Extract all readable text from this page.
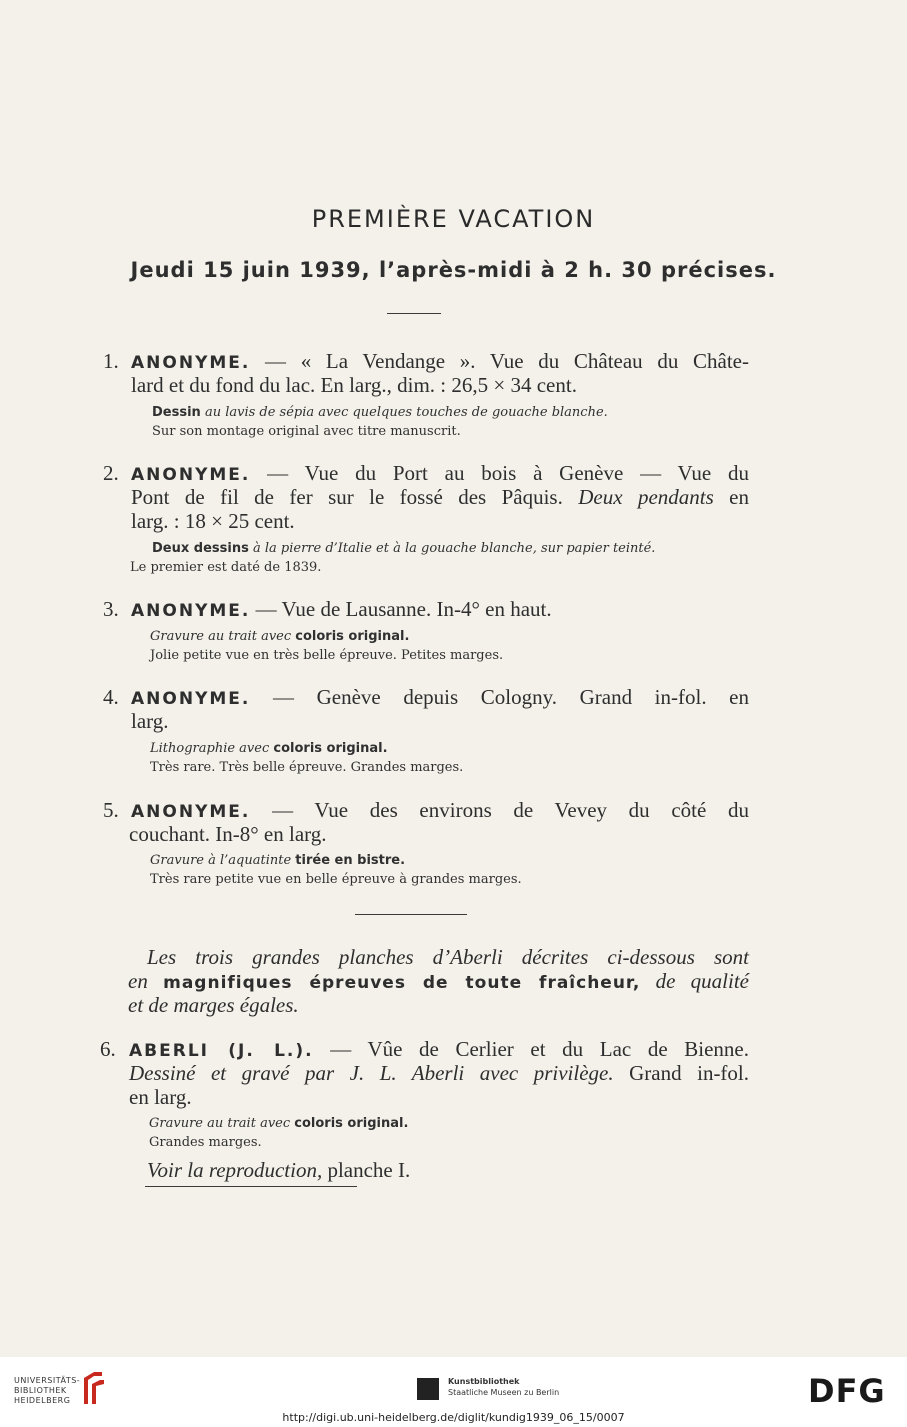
PREMIÈRE VACATION
Jeudi 15 juin 1939, l’après-midi à 2 h. 30 précises.
1. ANONYME. — « La Vendange ». Vue du Château du Châte-
lard et du fond du lac. En larg., dim. : 26,5 × 34 cent.
Dessin au lavis de sépia avec quelques touches de gouache blanche.
Sur son montage original avec titre manuscrit.
2. ANONYME. — Vue du Port au bois à Genève — Vue du
Pont de fil de fer sur le fossé des Pâquis. Deux pendants en
larg. : 18 × 25 cent.
Deux dessins à la pierre d’Italie et à la gouache blanche, sur papier teinté.
Le premier est daté de 1839.
3. ANONYME. — Vue de Lausanne. In-4° en haut.
Gravure au trait avec coloris original.
Jolie petite vue en très belle épreuve. Petites marges.
4. ANONYME. — Genève depuis Cologny. Grand in-fol. en
larg.
Lithographie avec coloris original.
Très rare. Très belle épreuve. Grandes marges.
5. ANONYME. — Vue des environs de Vevey du côté du
couchant. In-8° en larg.
Gravure à l’aquatinte tirée en bistre.
Très rare petite vue en belle épreuve à grandes marges.
Les trois grandes planches d’Aberli décrites ci-dessous sont
en magnifiques épreuves de toute fraîcheur, de qualité
et de marges égales.
6. ABERLI (J. L.). — Vûe de Cerlier et du Lac de Bienne.
Dessiné et gravé par J. L. Aberli avec privilège. Grand in-fol.
en larg.
Gravure au trait avec coloris original.
Grandes marges.
Voir la reproduction, planche I.
UNIVERSITÄTS-
BIBLIOTHEK
HEIDELBERG
Kunstbibliothek
Staatliche Museen zu Berlin	DFG
http://digi.ub.uni-heidelberg.de/diglit/kundig1939_06_15/0007
